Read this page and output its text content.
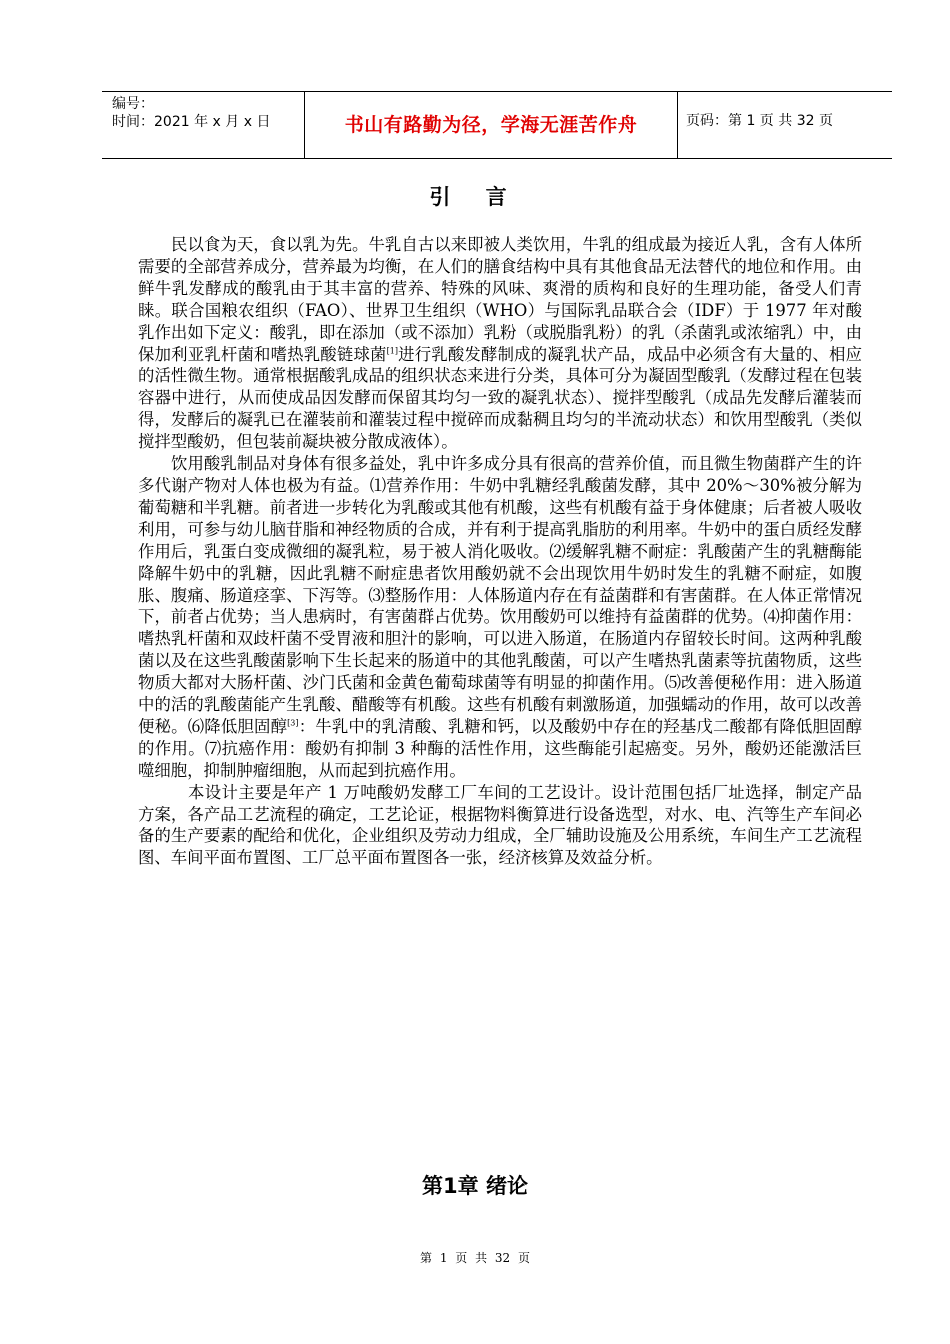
编号：
时间：2021 年 x 月 x 日	书山有路勤为径，学海无涯苦作舟	页码：第 1 页 共 32 页
引 言

民以食为天，食以乳为先。牛乳自古以来即被人类饮用，牛乳的组成最为接近人乳，含有人体所需要的全部营养成分，营养最为均衡，在人们的膳食结构中具有其他食品无法替代的地位和作用。由鲜牛乳发酵成的酸乳由于其丰富的营养、特殊的风味、爽滑的质构和良好的生理功能，备受人们青睐。联合国粮农组织（FAO）、世界卫生组织（WHO）与国际乳品联合会（IDF）于 1977 年对酸乳作出如下定义：酸乳，即在添加（或不添加）乳粉（或脱脂乳粉）的乳（杀菌乳或浓缩乳）中，由保加利亚乳杆菌和嗜热乳酸链球菌[1]进行乳酸发酵制成的凝乳状产品，成品中必须含有大量的、相应的活性微生物。通常根据酸乳成品的组织状态来进行分类，具体可分为凝固型酸乳（发酵过程在包装容器中进行，从而使成品因发酵而保留其均匀一致的凝乳状态）、搅拌型酸乳（成品先发酵后灌装而得，发酵后的凝乳已在灌装前和灌装过程中搅碎而成黏稠且均匀的半流动状态）和饮用型酸乳（类似搅拌型酸奶，但包装前凝块被分散成液体）。

饮用酸乳制品对身体有很多益处，乳中许多成分具有很高的营养价值，而且微生物菌群产生的许多代谢产物对人体也极为有益。⑴营养作用：牛奶中乳糖经乳酸菌发酵，其中 20%～30%被分解为葡萄糖和半乳糖。前者进一步转化为乳酸或其他有机酸，这些有机酸有益于身体健康；后者被人吸收利用，可参与幼儿脑苷脂和神经物质的合成，并有利于提高乳脂肪的利用率。牛奶中的蛋白质经发酵作用后，乳蛋白变成微细的凝乳粒，易于被人消化吸收。⑵缓解乳糖不耐症：乳酸菌产生的乳糖酶能降解牛奶中的乳糖，因此乳糖不耐症患者饮用酸奶就不会出现饮用牛奶时发生的乳糖不耐症，如腹胀、腹痛、肠道痉挛、下泻等。⑶整肠作用：人体肠道内存在有益菌群和有害菌群。在人体正常情况下，前者占优势；当人患病时，有害菌群占优势。饮用酸奶可以维持有益菌群的优势。⑷抑菌作用：嗜热乳杆菌和双歧杆菌不受胃液和胆汁的影响，可以进入肠道，在肠道内存留较长时间。这两种乳酸菌以及在这些乳酸菌影响下生长起来的肠道中的其他乳酸菌，可以产生嗜热乳菌素等抗菌物质，这些物质大都对大肠杆菌、沙门氏菌和金黄色葡萄球菌等有明显的抑菌作用。⑸改善便秘作用：进入肠道中的活的乳酸菌能产生乳酸、醋酸等有机酸。这些有机酸有刺激肠道，加强蠕动的作用，故可以改善便秘。⑹降低胆固醇[3]：牛乳中的乳清酸、乳糖和钙，以及酸奶中存在的羟基戊二酸都有降低胆固醇的作用。⑺抗癌作用：酸奶有抑制 3 种酶的活性作用，这些酶能引起癌变。另外，酸奶还能激活巨噬细胞，抑制肿瘤细胞，从而起到抗癌作用。

本设计主要是年产 1 万吨酸奶发酵工厂车间的工艺设计。设计范围包括厂址选择，制定产品方案，各产品工艺流程的确定，工艺论证，根据物料衡算进行设备选型，对水、电、汽等生产车间必备的生产要素的配给和优化，企业组织及劳动力组成，全厂辅助设施及公用系统，车间生产工艺流程图、车间平面布置图、工厂总平面布置图各一张，经济核算及效益分析。

第1章 绪论
第 1 页 共 32 页
